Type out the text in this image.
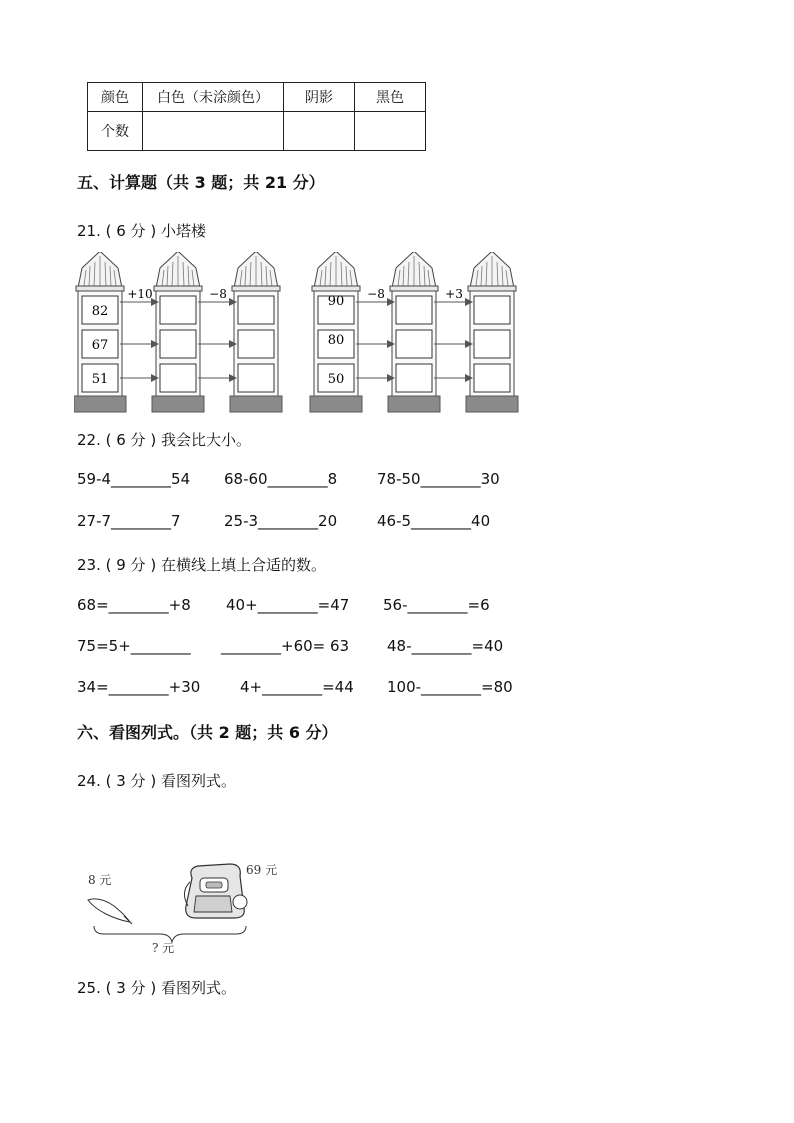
颜色	白色（未涂颜色）	阴影	黑色
个数			
五、计算题（共 3 题；共 21 分）
21. ( 6 分 ) 小塔楼
82
67
51
+10	−8	90
80
50
−8	+3
22. ( 6 分 ) 我会比大小。
59-4________54 68-60________8	78-50________30
27-7________7	25-3________20	46-5________40
23. ( 9 分 ) 在横线上填上合适的数。
68=________+8 40+________=47 56-________=6
75=5+________ ________+60= 63	48-________=40
34=________+30	4+________=44 100-________=80
六、看图列式。（共 2 题；共 6 分）
24. ( 3 分 ) 看图列式。
8 元
69 元
? 元
25. ( 3 分 ) 看图列式。
